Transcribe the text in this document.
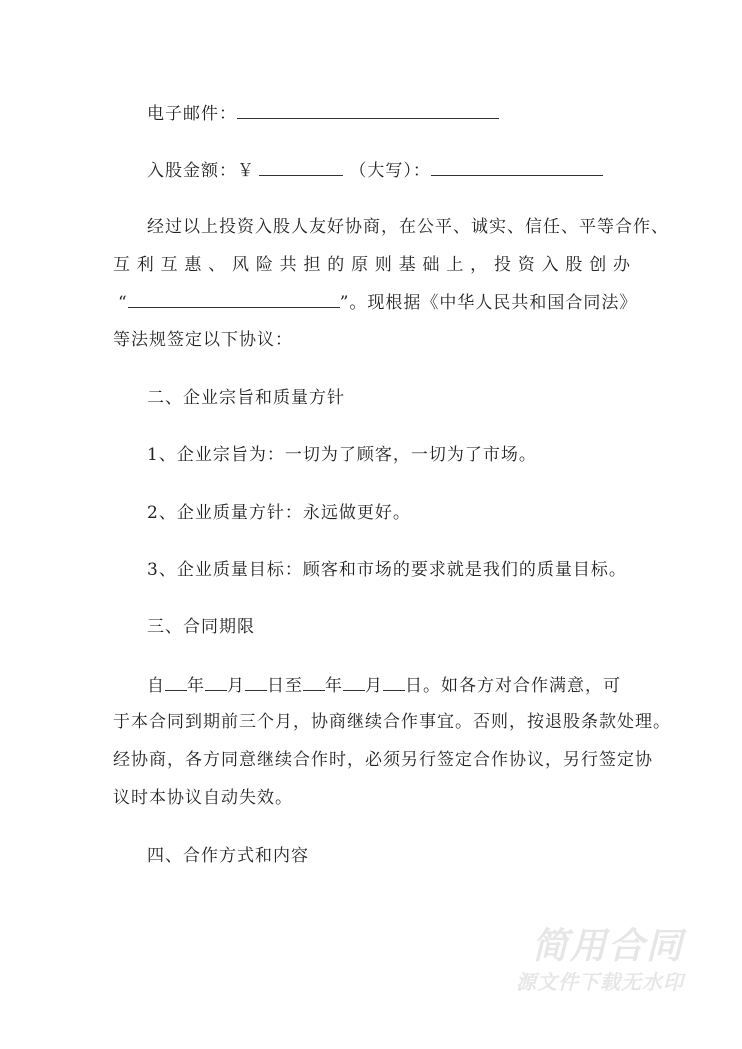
电子邮件：
入股金额：￥	（大写）：
经过以上投资入股人友好协商，在公平、诚实、信任、平等合作、
互利互惠、风险共担的原则基础上，投资入股创办
“	”。现根据《中华人民共和国合同法》
等法规签定以下协议：
二、企业宗旨和质量方针
1、企业宗旨为：一切为了顾客，一切为了市场。
2、企业质量方针：永远做更好。
3、企业质量目标：顾客和市场的要求就是我们的质量目标。
三、合同期限
自 年 月 日至 年 月 日。如各方对合作满意，可
于本合同到期前三个月，协商继续合作事宜。否则，按退股条款处理。
经协商，各方同意继续合作时，必须另行签定合作协议，另行签定协
议时本协议自动失效。
四、合作方式和内容
简用合同
源文件下载无水印
